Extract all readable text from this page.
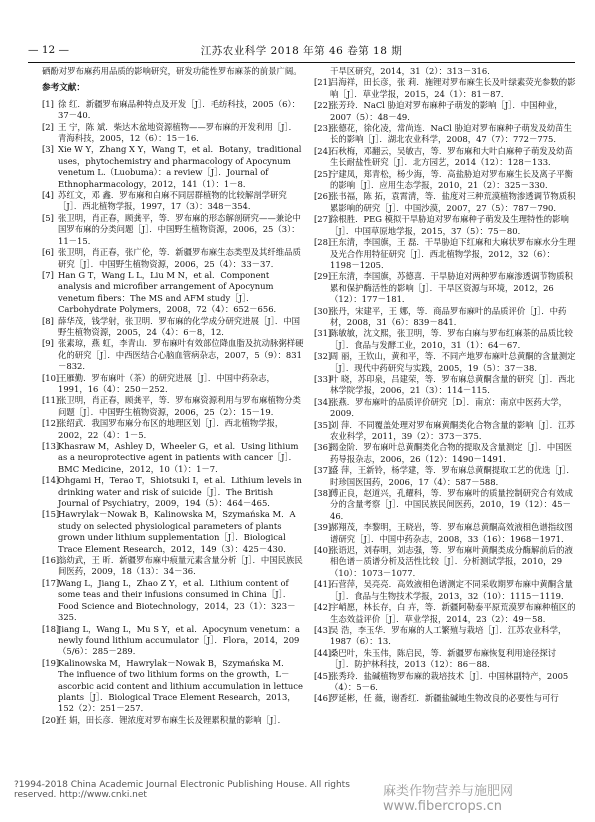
— 12 —	江苏农业科学 2018 年第 46 卷第 18 期

硒酚对罗布麻药用品质的影响研究，研发功能性罗布麻茶的前景广阔。

参考文献：
[1] 徐 红．新疆罗布麻品种特点及开发［J］．毛纺科技，2005（6）：37－40．
[2] 王 宁，陈 斌．柴达木盆地资源植物——罗布麻的开发利用［J］．青海科技，2005，12（6）：15－16．
[3] Xie W Y，Zhang X Y，Wang T，et al．Botany，traditional uses，phytochemistry and pharmacology of Apocynum venetum L.（Luobuma）：a review［J］．Journal of Ethnopharmacology，2012，141（1）：1－8．
[4] 苏红文，邓 鑫．罗布麻和白麻不同居群植物的比较解剖学研究［J］．西北植物学报，1997，17（3）：348－354．
[5] 张卫明，肖正春，顾龚平，等．罗布麻的形态解剖研究——兼论中国罗布麻的分类问题［J］．中国野生植物资源，2006，25（3）：11－15．
[6] 张卫明，肖正春，张广伦，等．新疆罗布麻生态类型及其纤维品质研究［J］．中国野生植物资源，2006，25（4）：33－37．
[7] Han G T，Wang L L，Liu M N，et al．Component analysis and microfiber arrangement of Apocynum venetum fibers：The MS and AFM study［J］．Carbohydrate Polymers，2008，72（4）：652－656．
[8] 薛华茂，钱学射，张卫明．罗布麻的化学成分研究进展［J］．中国野生植物资源，2005，24（4）：6－8，12．
[9] 张素琼，燕 虹，李青山．罗布麻叶有效部位降血脂及抗动脉粥样硬化的研究［J］．中西医结合心脑血管病杂志，2007，5（9）：831－832．
[10]王雁勤．罗布麻叶（茶）的研究进展［J］．中国中药杂志，1991，16（4）：250－252．
[11]张卫明，肖正春，顾龚平，等．罗布麻资源利用与罗布麻植物分类问题［J］．中国野生植物资源，2006，25（2）：15－19．
[12]张绍武．我国罗布麻分布区的地理区划［J］．西北植物学报，2002，22（4）：1－5．
[13]Khasraw M，Ashley D，Wheeler G，et al．Using lithium as a neuroprotective agent in patients with cancer［J］．BMC Medicine，2012，10（1）：1－7．
[14]Ohgami H，Terao T，Shiotsuki I，et al．Lithium levels in drinking water and risk of suicide［J］．The British Journal of Psychiatry，2009，194（5）：464－465．
[15]Hawrylak－Nowak B，Kalinowska M，Szymańska M．A study on selected physiological parameters of plants grown under lithium supplementation［J］．Biological Trace Element Research，2012，149（3）：425－430．
[16]翁幼武，王 昕．新疆罗布麻中痕量元素含量分析［J］．中国民族民间医药，2009，18（13）：34－36．
[17]Wang L，Jiang L，Zhao Z Y，et al．Lithium content of some teas and their infusions consumed in China［J］．Food Science and Biotechnology，2014，23（1）：323－325．
[18]Jiang L，Wang L，Mu S Y，et al．Apocynum venetum：a newly found lithium accumulator［J］．Flora，2014，209（5/6）：285－289．
[19]Kalinowska M，Hawrylak－Nowak B，Szymańska M．The influence of two lithium forms on the growth，L－ascorbic acid content and lithium accumulation in lettuce plants［J］．Biological Trace Element Research，2013，152（2）：251－257．
[20]任 娟，田长彦．锂浓度对罗布麻生长及锂累积量的影响［J］．
干旱区研究，2014，31（2）：313－316．
[21]吕海祥，田长彦，张 莉．施锂对罗布麻生长及叶绿素荧光参数的影响［J］．草业学报，2015，24（1）：81－87．
[22]张芳玲．NaCl 胁迫对罗布麻种子萌发的影响［J］．中国种业，2007（5）：48－49．
[23]张德花，徐化凌，常尚连．NaCl 胁迫对罗布麻种子萌发及幼苗生长的影响［J］．湖北农业科学，2008，47（7）：772－775．
[24]石秋梅，邓翻云，吴敏吉，等．罗布麻和大叶白麻种子萌发及幼苗生长耐盐性研究［J］．北方园艺，2014（12）：128－133．
[25]宁建凤，郑青松，杨少海，等．高盐胁迫对罗布麻生长及离子平衡的影响［J］．应用生态学报，2010，21（2）：325－330．
[26]张书福，陈 拓，袁霄清，等．盐度对三种荒漠植物渗透调节物质积累影响的研究［J］．中国沙漠，2007，27（5）：787－790．
[27]徐根胜．PEG 模拟干旱胁迫对罗布麻种子萌发及生理特性的影响［J］．中国草原地学报，2015，37（5）：75－80．
[28]王东清，李国旗，王 磊．干旱胁迫下红麻和大麻状罗布麻水分生理及光合作用特征研究［J］．西北植物学报，2012，32（6）：1198－1205．
[29]王东清，李国旗，苏德喜．干旱胁迫对两种罗布麻渗透调节物质积累和保护酶活性的影响［J］．干旱区资源与环境，2012，26（12）：177－181．
[30]张丹，宋建平，王 娜，等．商品罗布麻叶的品质评价［J］．中药材，2008，31（6）：839－841．
[31]陈敏敏，沈文熙，张卫明，等．罗布白麻与罗布红麻茶的品质比较［J］．食品与发酵工业，2010，31（1）：64－67．
[32]周 丽，王钦山，黄和平，等．不同产地罗布麻叶总黄酮的含量测定［J］．现代中药研究与实践，2005，19（5）：37－38．
[33]叶 晓，苏印泉，吕建荣，等．罗布麻总黄酮含量的研究［J］．西北林学院学报，2006，21（3）：114－115．
[34]张燕．罗布麻叶的品质评价研究［D］．南京：南京中医药大学，2009．
[35]刘 萍．不同覆盖处理对罗布麻黄酮类化合物含量的影响［J］．江苏农业科学，2011，39（2）：373－375．
[36]揭金阶．罗布麻叶总黄酮类化合物的提取及含量测定［J］．中国医药导报杂志，2006，26（12）：1490－1491．
[37]盛 萍，王新铃，杨学建，等．罗布麻总黄酮提取工艺的优选［J］．时珍国医国药，2006，17（4）：587－588．
[38]傅正良，赵道兴，孔耀科，等．罗布麻叶的质量控制研究合有效成分的含量考察［J］．中国民族民间医药，2010，19（12）：45－46．
[39]郝翔茂，李黎明，王晓岩，等．罗布麻总黄酮高效液相色谱指纹图谱研究［J］．中国中药杂志，2008，33（16）：1968－1971．
[40]张语迟，刘春明，刘志强，等．罗布麻叶黄酮类成分酶解前后的液相色谱－质谱分析及活性比较［J］．分析测试学报，2010，29（10）：1073－1077．
[41]石营萍，吴亮亮．高效液相色谱测定不同采收期罗布麻中黄酮含量［J］．食品与生物技术学报，2013，32（10）：1115－1119．
[42]宇峭愿，林长存，白 卉，等．新疆阿勒泰平原荒漠罗布麻种植区的生态效益评价［J］．草业学报，2014，23（2）：49－58．
[43]吴 浩，李玉华．罗布麻的人工繁殖与栽培［J］．江苏农业科学，1987（6）：13．
[44]桑巴叶，朱玉伟，陈启民，等．新疆罗布麻恢复利用途径探讨［J］．防护林科技，2013（12）：86－88．
[45]张秀玲．盐碱植物罗布麻的栽培技术［J］．中国林副特产，2005（4）：5－6．
[46]罗延彬，任 薇，谢香红．新疆盐碱地生物改良的必要性与可行
?1994-2018 China Academic Journal Electronic Publishing House. All rights reserved. http://www.cnki.net	麻类作物营养与施肥网 www.fibercrops.cn
